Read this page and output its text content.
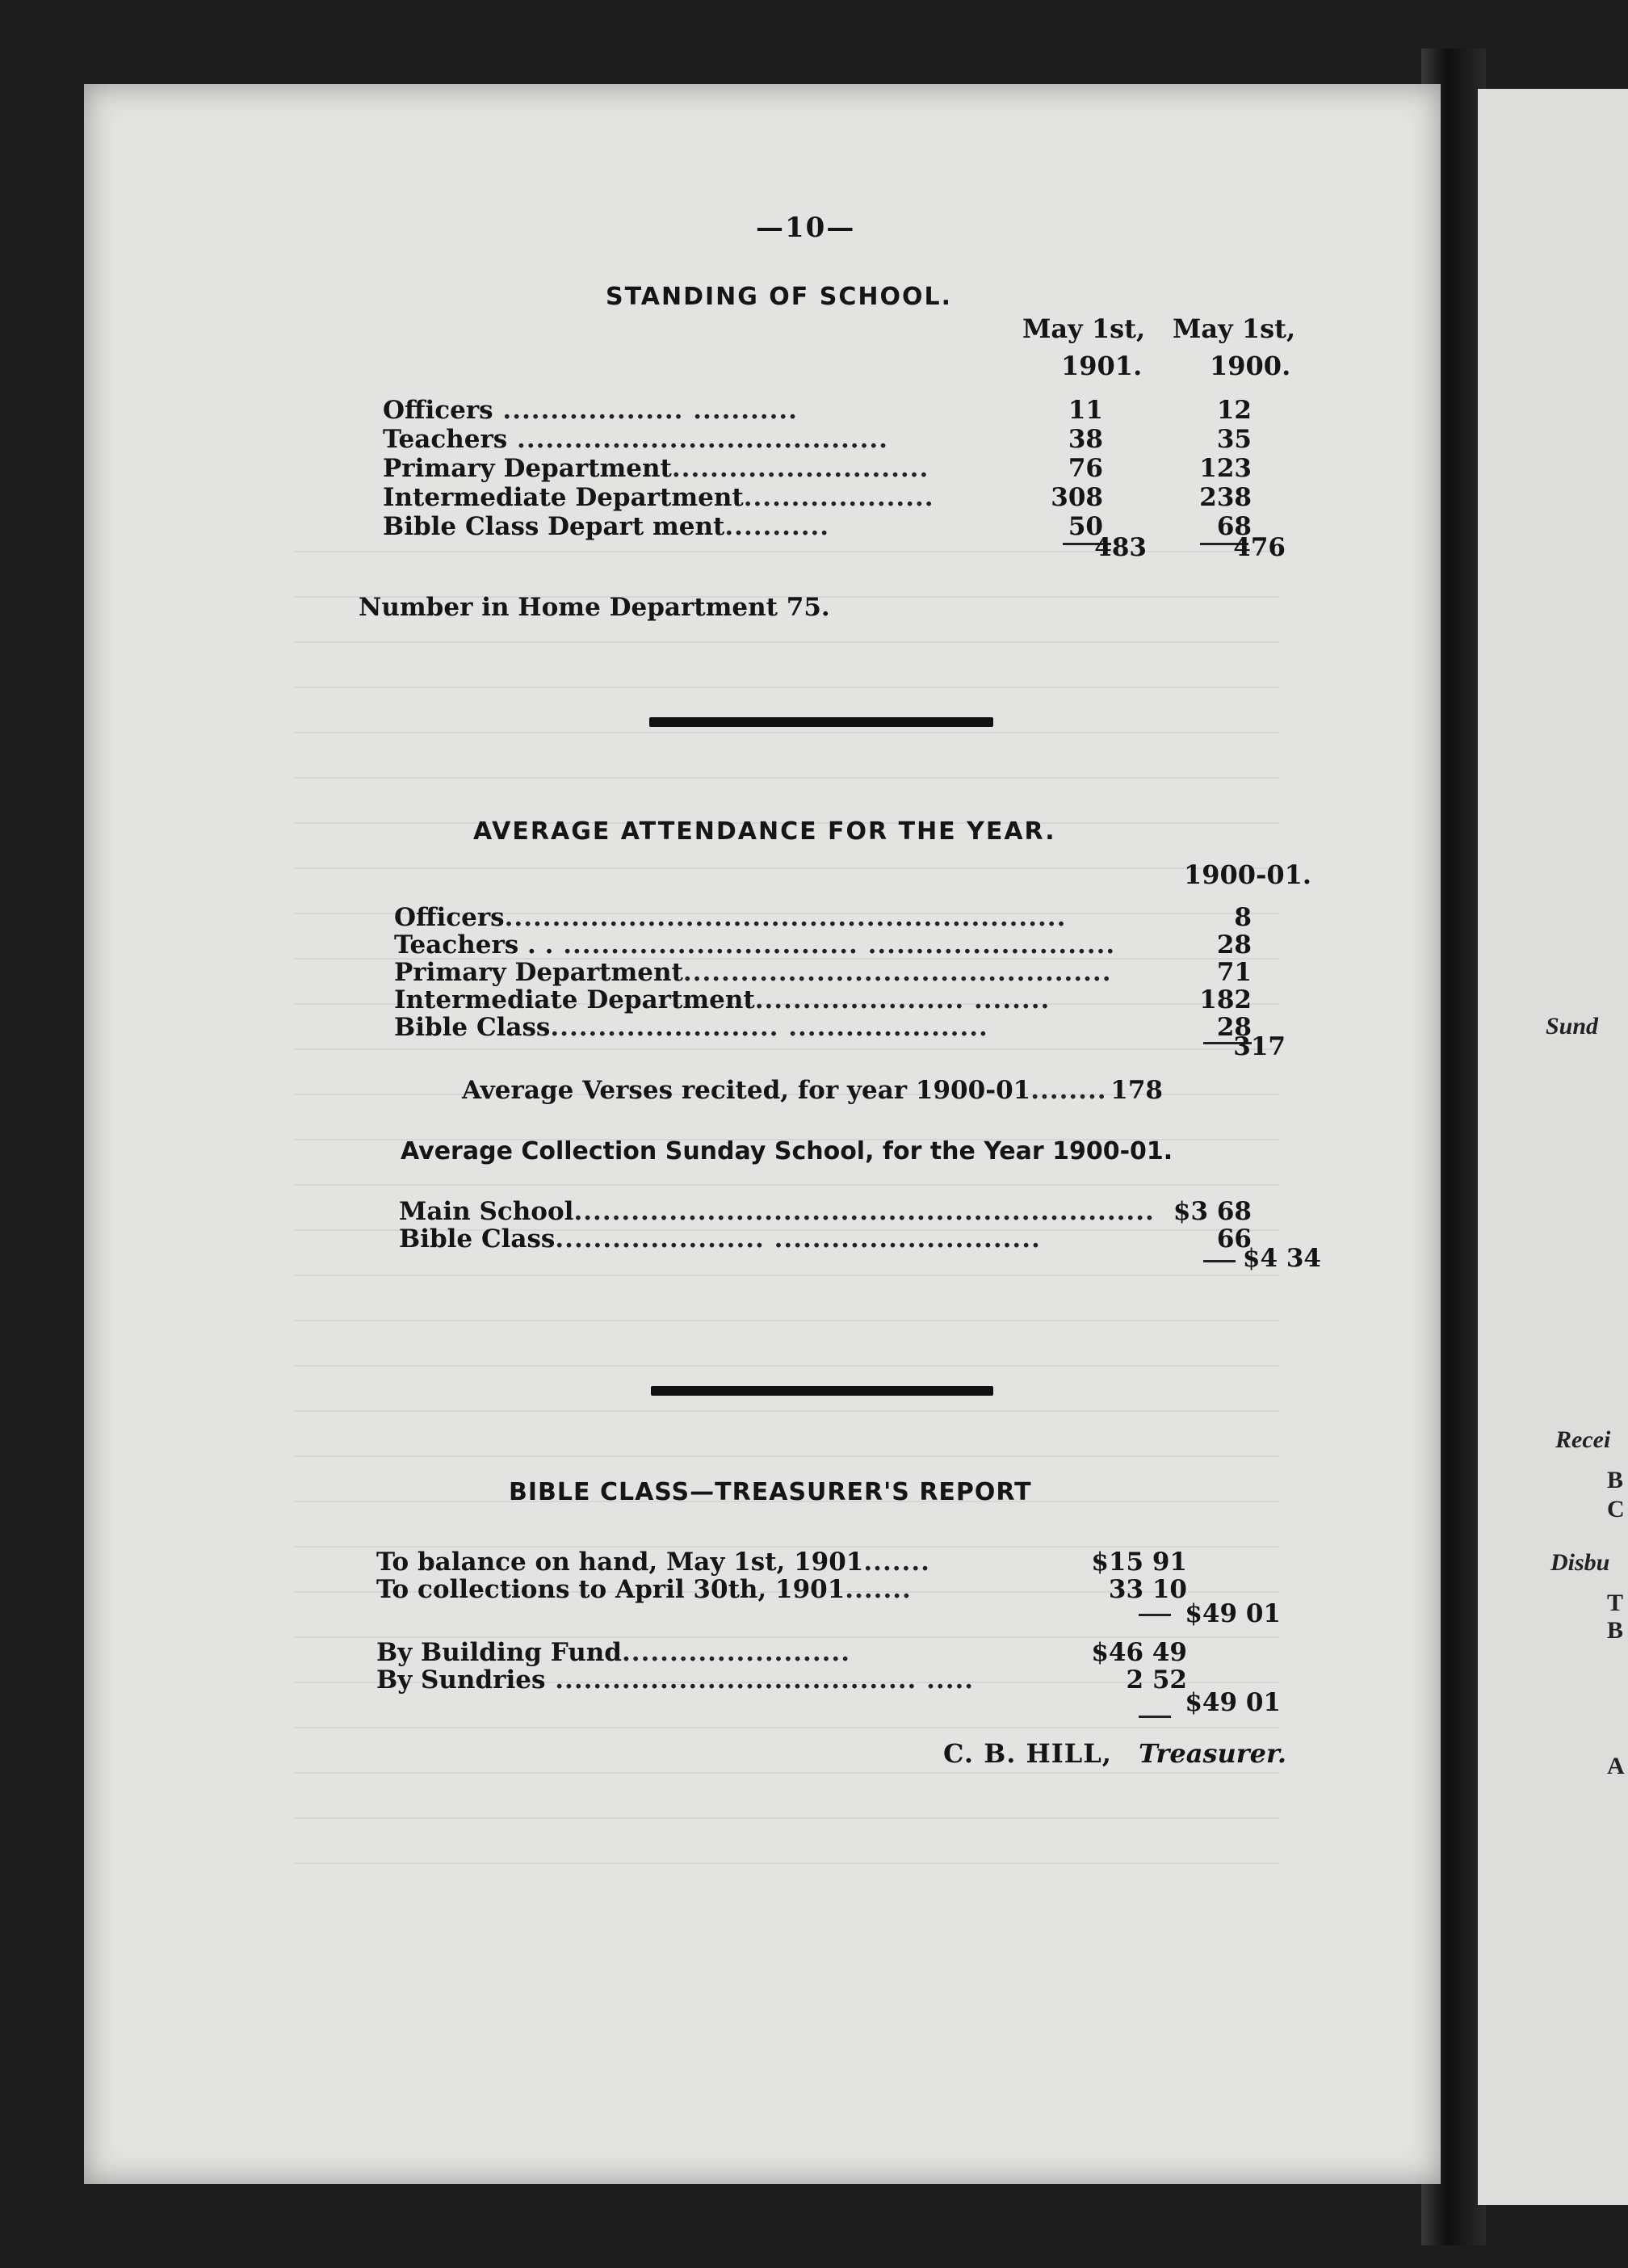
Sund
Recei
B
C
Disbu
T
B
A
—10—
STANDING OF SCHOOL.
May 1st, May 1st,
1901.	1900.
Officers ................... ...........	11	12
Teachers .......................................	38	35
Primary Department...........................	76	123
Intermediate Department....................	308	238
Bible Class Depart ment...........	50	68
483	476
Number in Home Department 75.
AVERAGE ATTENDANCE FOR THE YEAR.
1900-01.
Officers...........................................................	8
Teachers . . ............................... ..........................	28
Primary Department.............................................	71
Intermediate Department...................... ........	182
Bible Class........................ .....................	28
317
Average Verses recited, for year 1900-01........ 178
Average Collection Sunday School, for the Year 1900-01.
Main School............................................................. $3 68
Bible Class...................... ............................	66
$4 34
BIBLE CLASS—TREASURER'S REPORT
To balance on hand, May 1st, 1901.......	$15 91
To collections to April 30th, 1901.......	33 10
$49 01
By Building Fund........................	$46 49
By Sundries ...................................... .....	2 52
$49 01
C. B. HILL, Treasurer.
